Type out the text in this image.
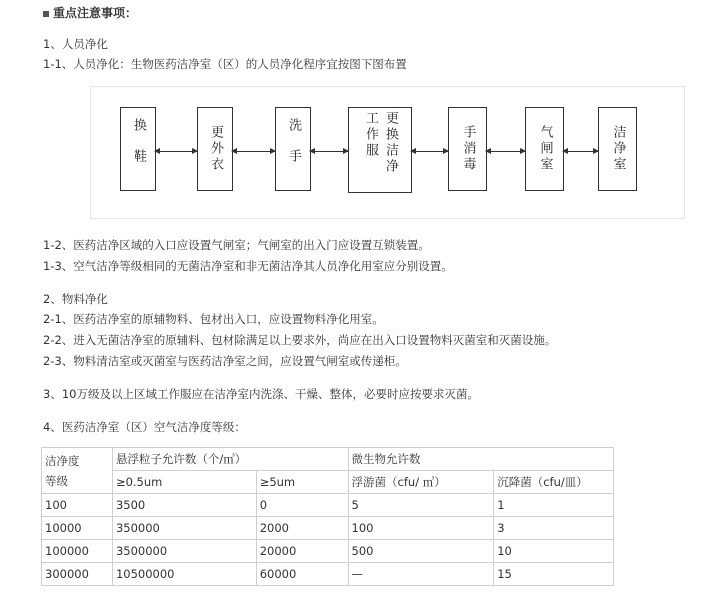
重点注意事项：
1、人员净化
1-1、人员净化：生物医药洁净室（区）的人员净化程序宜按图下图布置
换鞋	更外衣	洗手	更换洁净工作服	手消毒	气闸室	洁净室
1-2、医药洁净区域的入口应设置气闸室；气闸室的出入门应设置互锁装置。
1-3、空气洁净等级相同的无菌洁净室和非无菌洁净其人员净化用室应分别设置。
2、物料净化
2-1、医药洁净室的原辅物料、包材出入口，应设置物料净化用室。
2-2、进入无菌洁净室的原辅料、包材除满足以上要求外，尚应在出入口设置物料灭菌室和灭菌设施。
2-3、物料清洁室或灭菌室与医药洁净室之间，应设置气闸室或传递柜。
3、10万级及以上区域工作服应在洁净室内洗涤、干燥、整体，必要时应按要求灭菌。
4、医药洁净室（区）空气洁净度等级：
洁净度
等级	悬浮粒子允许数（个/㎥）		微生物允许数	
	≥0.5um	≥5um	浮游菌（cfu/ ㎥）	沉降菌（cfu/皿）
100	3500	0	5	1
10000	350000	2000	100	3
100000	3500000	20000	500	10
300000	10500000	60000	—	15
